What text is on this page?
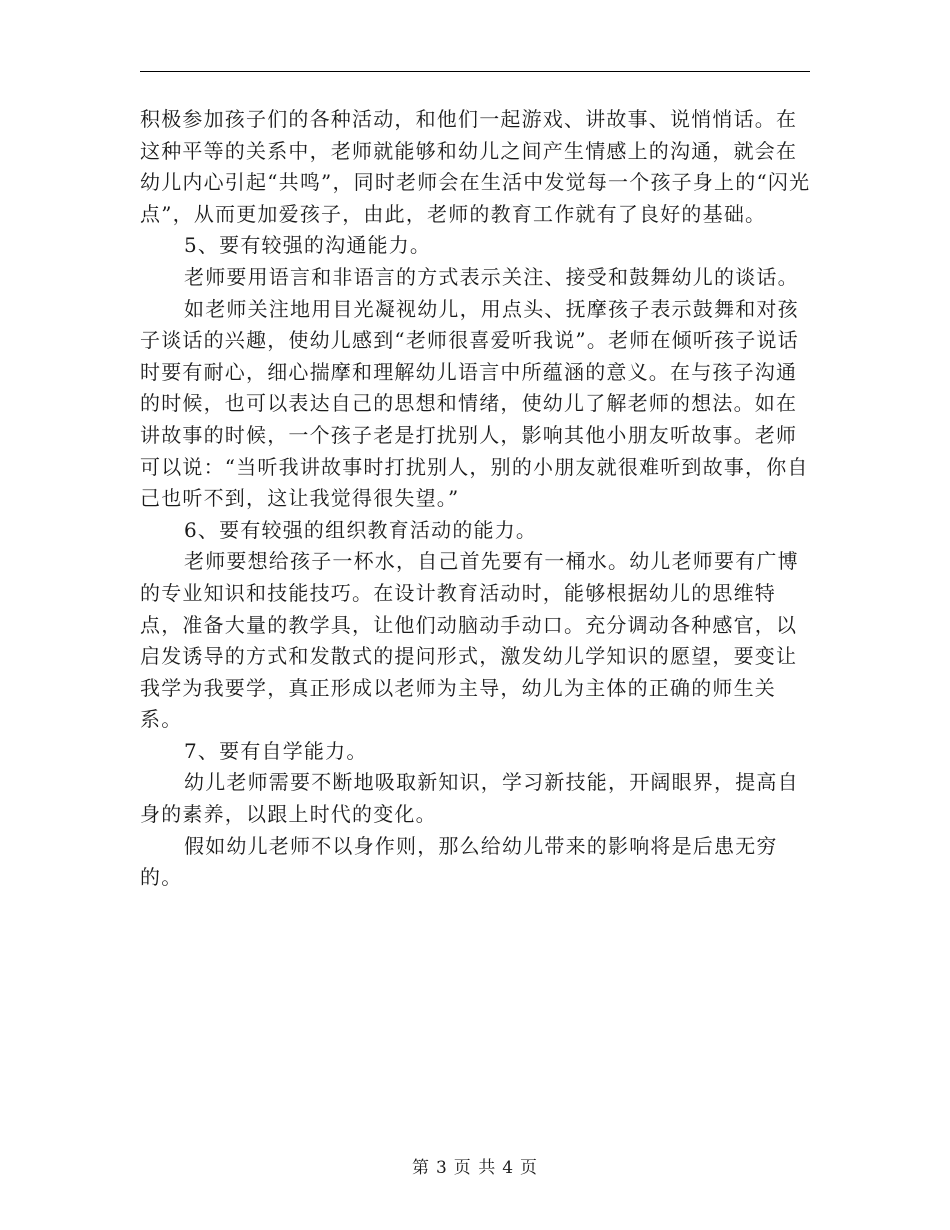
积极参加孩子们的各种活动，和他们一起游戏、讲故事、说悄悄话。在这种平等的关系中，老师就能够和幼儿之间产生情感上的沟通，就会在幼儿内心引起“共鸣”，同时老师会在生活中发觉每一个孩子身上的“闪光点”，从而更加爱孩子，由此，老师的教育工作就有了良好的基础。

5、要有较强的沟通能力。

老师要用语言和非语言的方式表示关注、接受和鼓舞幼儿的谈话。

如老师关注地用目光凝视幼儿，用点头、抚摩孩子表示鼓舞和对孩子谈话的兴趣，使幼儿感到“老师很喜爱听我说”。老师在倾听孩子说话时要有耐心，细心揣摩和理解幼儿语言中所蕴涵的意义。在与孩子沟通的时候，也可以表达自己的思想和情绪，使幼儿了解老师的想法。如在讲故事的时候，一个孩子老是打扰别人，影响其他小朋友听故事。老师可以说：“当听我讲故事时打扰别人，别的小朋友就很难听到故事，你自己也听不到，这让我觉得很失望。”

6、要有较强的组织教育活动的能力。

老师要想给孩子一杯水，自己首先要有一桶水。幼儿老师要有广博的专业知识和技能技巧。在设计教育活动时，能够根据幼儿的思维特点，准备大量的教学具，让他们动脑动手动口。充分调动各种感官，以启发诱导的方式和发散式的提问形式，激发幼儿学知识的愿望，要变让我学为我要学，真正形成以老师为主导，幼儿为主体的正确的师生关系。

7、要有自学能力。

幼儿老师需要不断地吸取新知识，学习新技能，开阔眼界，提高自身的素养，以跟上时代的变化。

假如幼儿老师不以身作则，那么给幼儿带来的影响将是后患无穷的。

第 3 页 共 4 页
